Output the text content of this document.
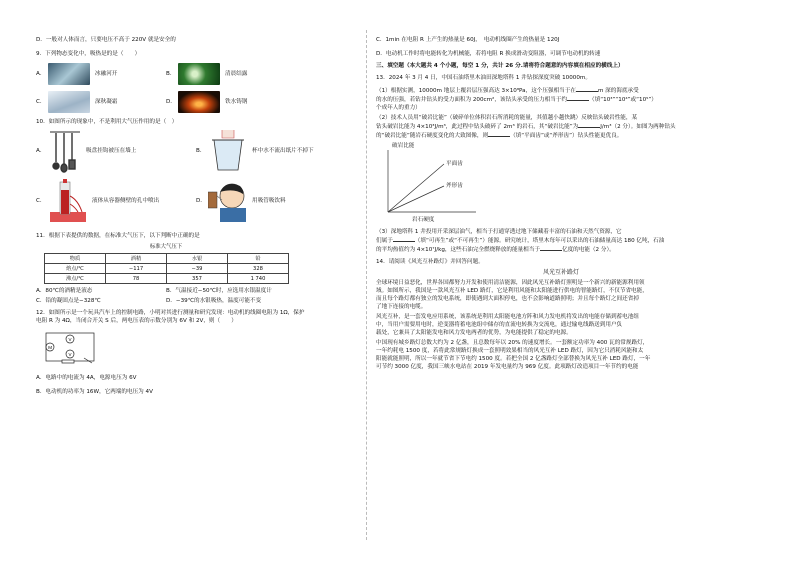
D．一般对人体而言，只要电压不高于 220V 就是安全的
9．下列物态变化中，吸热是的是（　　）
A．	冰融河开	B．	清晨结露
C．	深秋凝霜	D．	铁水铸钢
10．如图所示的现象中，不是利用大气压作用的是（　）
A．	吸盘挂钩被压在墙上	B．	杯中水不流出纸片不掉下
C．	液体从容器侧壁的孔中喷出	D．	用吸管吸饮料
11．根据下表提供的数据，在标准大气压下，以下判断中正确的是
标准大气压下
物质	酒精	水银	铅
熔点/℃	−117	−39	328
沸点/℃	78	357	1 740
A．80℃的酒精是液态	B．气温接近−50℃时，应选用水银温度计
C．铅的凝固点是−328℃	D．−39℃的水银吸热，温度可能不变
12．如图所示是一个玩具汽车上的控制电路，小明对其进行测量和研究发现：电动机的线圈电阻为 1Ω，保护
电阻 R 为 4Ω，当闭合开关 S 后，两电压表的示数分别为 6V 和 2V，则（　　）
M
V
V
A．电路中的电流为 4A，电源电压为 6V
B．电动机的功率为 16W，它两端的电压为 4V
C．1min 在电阻 R 上产生的热量是 60J，　电动机线圈产生的热量是 120J
D．电动机工作时将电能转化为机械能，若将电阻 R 换成滑动变阻器，可调节电动机的转速
三、填空题（本大题共 4 个小题，每空 1 分，共计 26 分.请将符合题意的内容填在相应的横线上）
13．2024 年 3 月 4 日，中国石油塔里木油田深地塔科 1 井钻探深度突破 10000m。
（1）根据实测，10000m 地层上覆岩层压强高达 3×10⁸Pa，这个压强相当于在	m 深的海底承受
的水的压强，若钻井钻头的受力面积为 200cm²，该钻头承受的压力相当于约	（填“10³”“10⁴”或“10⁵”）
个成年人的重力）
（2）技术人员用“破岩比能”（破碎单位体积岩石所消耗的能量，其值越小越快跳）反映钻头破岩性能，某
钻头破岩比能为 4×10³J/m³，此过程中钻头破碎了 2m³ 的岩石，其“破岩比能”为	J/m³（2 分）。如图为两种钻头
的“破岩比能”随岩石硬度变化的大致图像，则	（填“平面齿”或“斧形齿”）钻头性能更优良。
破岩比能
平面齿
斧形齿
岩石硬度
（3）深地塔科 1 井投用开采深层油气，相当于打通穿透过地下储藏着丰富的石油和天然气资源，它
们属于	（填“可再生”或“不可再生”）能源。研究统计，塔里木每年可以采出的石油储量高达 180 亿吨，石油
的平均热值约为 4×10⁷J/kg，这些石油完全燃烧释放的能量相当于	亿度的电能（2 分）。
14．请阅读《风光互补路灯》并回答问题。
风光互补路灯
全球环境日益恶化，世界各国都努力开发和使用清洁能源，因此风光互补路灯照明是一个新兴的新能源利用领
域。如图所示，我国是一款风光互补 LED 路灯，它是利用风能和太阳能进行供电的智能路灯，不仅节省电能，
而且每个路灯都有独立的发电系统，即使遇到大面积停电，也不会影响道路照明；并且每个路灯之间还省掉
了地下连接的电缆。
风光互补，是一套发电应用系统，该系统是利用太阳能电池方阵和风力发电机将发出的电能存储到蓄电池组
中，当用户需要用电时，逆变器将蓄电池组中储存的直流电转换为交流电，通过输电线路送到用户负
载处，它兼具了太阳能发电和风力发电两者的优势，为电能提供了稳定的电源。
中国现有城乡路灯总数大约为 2 亿盏，且总数每年以 20% 的速度增长。一套额定功率为 400 瓦的常规路灯，
一年约耗电 1500 度，若将此常规路灯换成一套照明效果相当的风光互补 LED 路灯，因为它只消耗风能和太
阳能就能照明，所以一年就节省下节电约 1500 度。若把全国 2 亿盏路灯全部替换为风光互补 LED 路灯，一年
可节约 3000 亿度，我国三峡水电站在 2019 年发电量约为 969 亿度。此项路灯改造项目一年节约的电能
